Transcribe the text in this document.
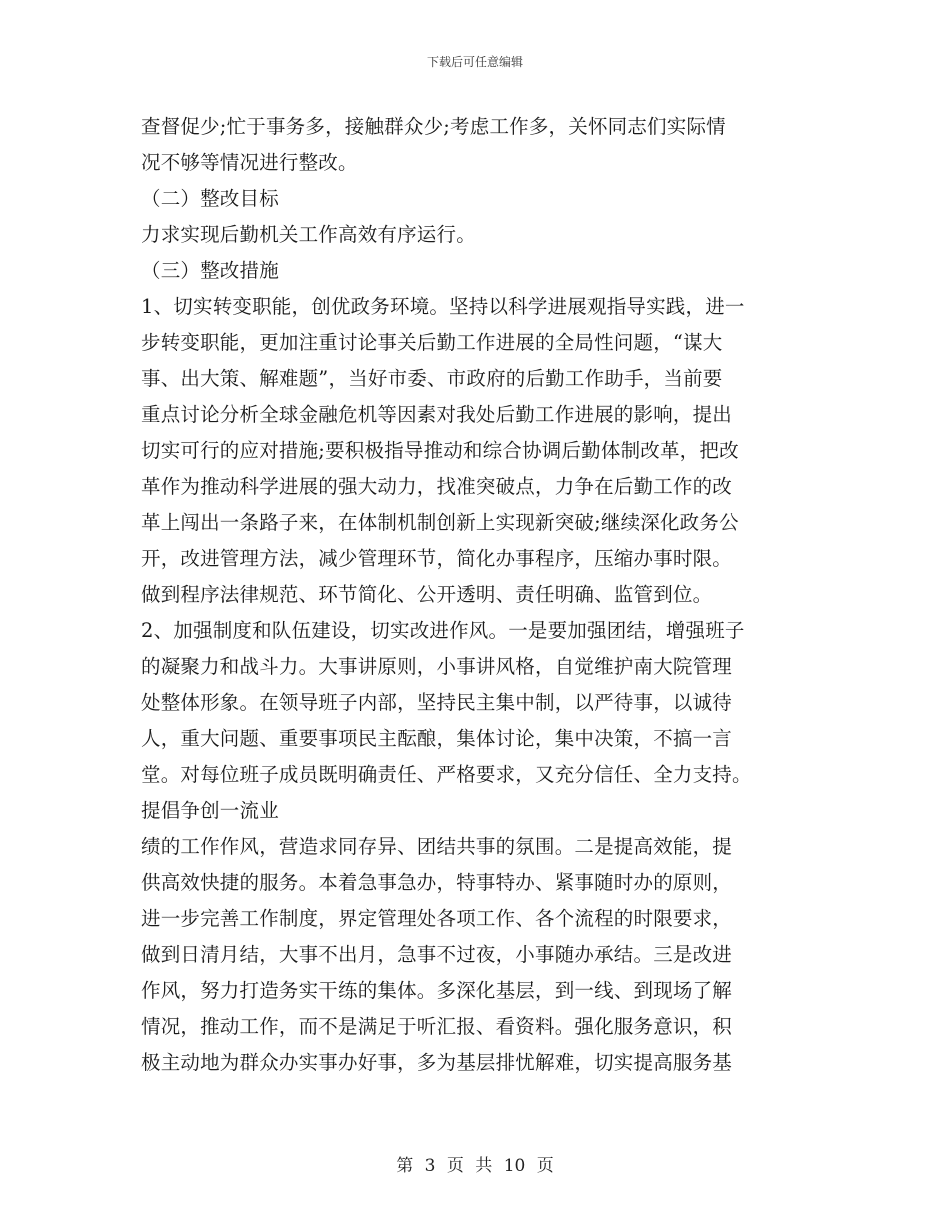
下载后可任意编辑
查督促少;忙于事务多，接触群众少;考虑工作多，关怀同志们实际情
况不够等情况进行整改。
（二）整改目标
力求实现后勤机关工作高效有序运行。
（三）整改措施
1、切实转变职能，创优政务环境。坚持以科学进展观指导实践，进一
步转变职能，更加注重讨论事关后勤工作进展的全局性问题，“谋大
事、出大策、解难题”，当好市委、市政府的后勤工作助手，当前要
重点讨论分析全球金融危机等因素对我处后勤工作进展的影响，提出
切实可行的应对措施;要积极指导推动和综合协调后勤体制改革，把改
革作为推动科学进展的强大动力，找准突破点，力争在后勤工作的改
革上闯出一条路子来，在体制机制创新上实现新突破;继续深化政务公
开，改进管理方法，减少管理环节，简化办事程序，压缩办事时限。
做到程序法律规范、环节简化、公开透明、责任明确、监管到位。
2、加强制度和队伍建设，切实改进作风。一是要加强团结，增强班子
的凝聚力和战斗力。大事讲原则，小事讲风格，自觉维护南大院管理
处整体形象。在领导班子内部，坚持民主集中制，以严待事，以诚待
人，重大问题、重要事项民主酝酿，集体讨论，集中决策，不搞一言
堂。对每位班子成员既明确责任、严格要求，又充分信任、全力支持。
提倡争创一流业
绩的工作作风，营造求同存异、团结共事的氛围。二是提高效能，提
供高效快捷的服务。本着急事急办，特事特办、紧事随时办的原则，
进一步完善工作制度，界定管理处各项工作、各个流程的时限要求，
做到日清月结，大事不出月，急事不过夜，小事随办承结。三是改进
作风，努力打造务实干练的集体。多深化基层，到一线、到现场了解
情况，推动工作，而不是满足于听汇报、看资料。强化服务意识，积
极主动地为群众办实事办好事，多为基层排忧解难，切实提高服务基
第 3 页 共 10 页
